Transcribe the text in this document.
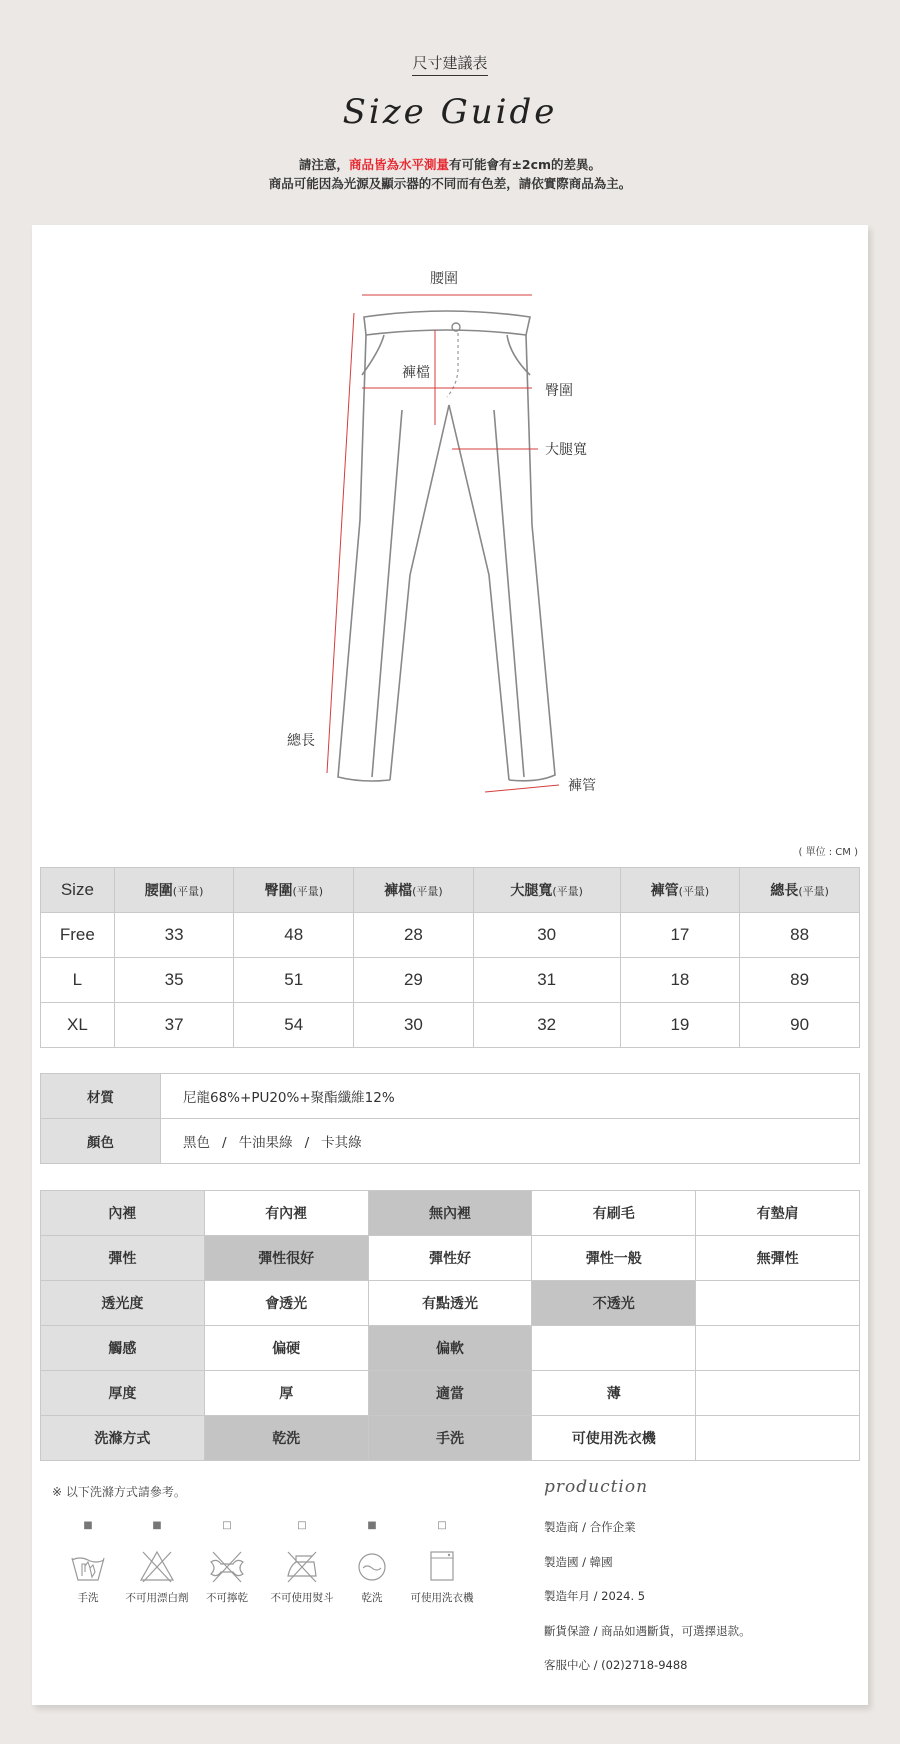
尺寸建議表
Size Guide
請注意，商品皆為水平測量有可能會有±2cm的差異。
商品可能因為光源及顯示器的不同而有色差，請依實際商品為主。
腰圍
褲檔
臀圍
大腿寬
總長
褲管
( 單位 : CM )
Size	腰圍(平量)	臀圍(平量)	褲檔(平量)	大腿寬(平量)	褲管(平量)	總長(平量)
Free	33	48	28	30	17	88
L	35	51	29	31	18	89
XL	37	54	30	32	19	90
材質	尼龍68%+PU20%+聚酯纖維12%
顏色	黑色 / 牛油果綠 / 卡其綠
內裡	有內裡	無內裡	有刷毛	有墊肩
彈性	彈性很好	彈性好	彈性一般	無彈性
透光度	會透光	有點透光	不透光	
觸感	偏硬	偏軟		
厚度	厚	適當	薄	
洗滌方式	乾洗	手洗	可使用洗衣機	
※ 以下洗滌方式請參考。
■
手洗
■
不可用漂白劑
□
不可擰乾
□
不可使用熨斗
■
乾洗
□
可使用洗衣機
production
製造商 / 合作企業
製造國 / 韓國
製造年月 / 2024. 5
斷貨保證 / 商品如遇斷貨，可選擇退款。
客服中心 / (02)2718-9488
